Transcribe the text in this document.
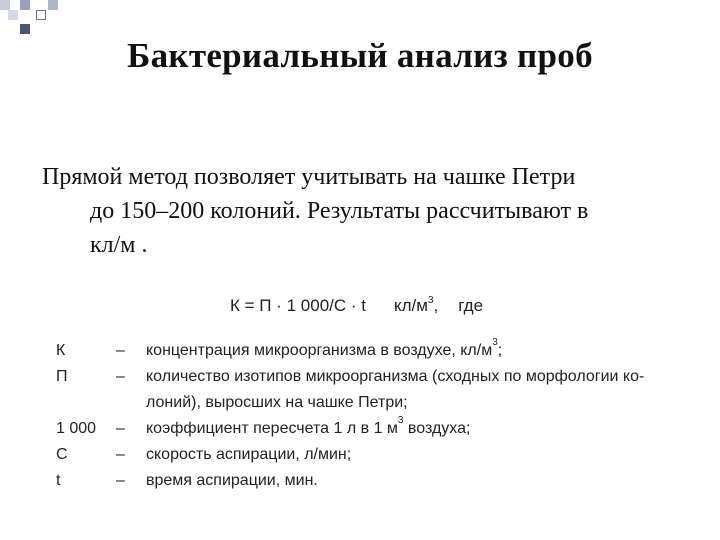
Бактериальный анализ проб
Прямой метод позволяет учитывать на чашке Петри
до 150–200 колоний. Результаты рассчитывают в
кл/м .
К = П · 1 000/С · t $кл/м^3$, где
К	– концентрация микроорганизма в воздухе, $кл/м^3$;
П	– количество изотипов микроорганизма (сходных по морфологии ко-
лоний), выросших на чашке Петри;
1 000	– коэффициент пересчета 1 л в 1 $м^3$ воздуха;
С	– скорость аспирации, л/мин;
t	– время аспирации, мин.
